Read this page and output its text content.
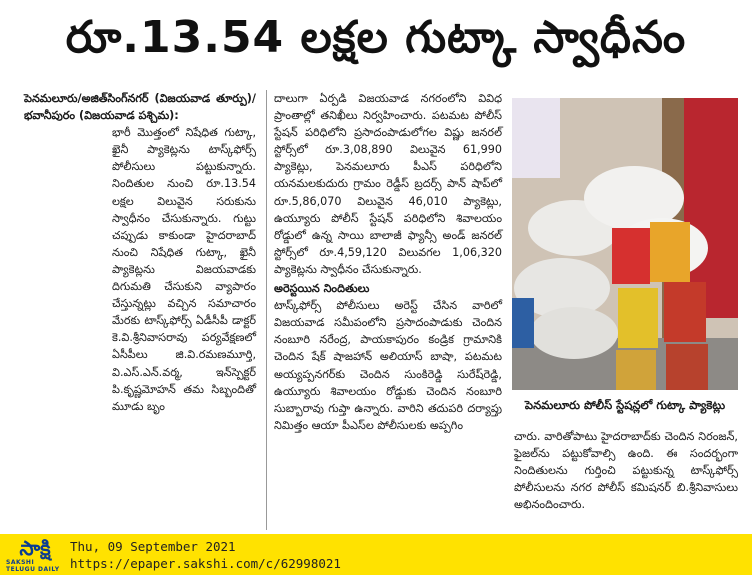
రూ.13.54 లక్షల గుట్కా స్వాధీనం

పెనమలూరు/అజిత్‌సింగ్‌నగర్ (విజయవాడ తూర్పు)/ భవానీపురం (విజయవాడ పశ్చిమ):

భారీ మొత్తంలో నిషేధిత గుట్కా, ఖైనీ ప్యాకెట్లను టాస్క్‌ఫోర్స్ పోలీసులు పట్టుకున్నారు. నిందితుల నుంచి రూ.13.54 లక్షల విలువైన సరుకును స్వాధీనం చేసుకున్నారు. గుట్టు చప్పుడు కాకుండా హైదరాబాద్ నుంచి నిషేధిత గుట్కా, ఖైనీ ప్యాకెట్లను విజయవాడకు దిగుమతి చేసుకుని వ్యాపారం చేస్తున్నట్లు వచ్చిన సమాచారం మేరకు టాస్క్‌ఫోర్స్ ఏడీసీపీ డాక్టర్ కె.వి.శ్రీనివాసరావు పర్యవేక్షణలో ఏసీపీలు జి.వి.రమణమూర్తి, వి.ఎస్.ఎన్.వర్మ, ఇన్‌స్పెక్టర్ పి.కృష్ణమోహన్ తమ సిబ్బందితో మూడు బృం

దాలుగా ఏర్పడి విజయవాడ నగరంలోని వివిధ ప్రాంతాల్లో తనిఖీలు నిర్వహించారు. పటమట పోలీస్ స్టేషన్ పరిధిలోని ప్రసాదంపాడులోగల విష్ణు జనరల్ స్టోర్స్‌లో రూ.3,08,890 విలువైన 61,990 ప్యాకెట్లు, పెనమలూరు పీఎస్ పరిధిలోని యనమలకుదురు గ్రామం రెడ్డీస్ బ్రదర్స్ పాన్ షాప్‌లో రూ.5,86,070 విలువైన 46,010 ప్యాకెట్లు, ఉయ్యూరు పోలీస్ స్టేషన్ పరిధిలోని శివాలయం రోడ్డులో ఉన్న సాయి బాలాజీ ఫ్యాన్సీ అండ్ జనరల్ స్టోర్స్‌లో రూ.4,59,120 విలువగల 1,06,320 ప్యాకెట్లను స్వాధీనం చేసుకున్నారు.

అరెస్టయిన నిందితులు

టాస్క్‌ఫోర్స్ పోలీసులు అరెస్ట్ చేసిన వారిలో విజయవాడ సమీపంలోని ప్రసాదంపాడుకు చెందిన నంబూరి నరేంద్ర, పాయకాపురం కండ్రిక గ్రామానికి చెందిన షేక్ షాజహాన్ అలియాస్ బాషా, పటమట అయ్యప్పనగర్‌కు చెందిన సుంకిరెడ్డి సురేష్‌రెడ్డి, ఉయ్యూరు శివాలయం రోడ్డుకు చెందిన నంబూరి సుబ్బారావు గుప్తా ఉన్నారు. వారిని తదుపరి దర్యాప్తు నిమిత్తం ఆయా పీఎస్‌ల పోలీసులకు అప్పగిం

పెనమలూరు పోలీస్ స్టేషన్లలో గుట్కా ప్యాకెట్లు

చారు. వారితోపాటు హైదరాబాద్‌కు చెందిన నిరంజన్, ఫైజల్‌ను పట్టుకోవాల్సి ఉంది. ఈ సందర్భంగా నిందితులను గుర్తించి పట్టుకున్న టాస్క్‌ఫోర్స్ పోలీసులను నగర పోలీస్ కమిషనర్ బి.శ్రీనివాసులు అభినందించారు.

సాక్షి
SAKSHI TELUGU DAILY
Thu, 09 September 2021
https://epaper.sakshi.com/c/62998021
